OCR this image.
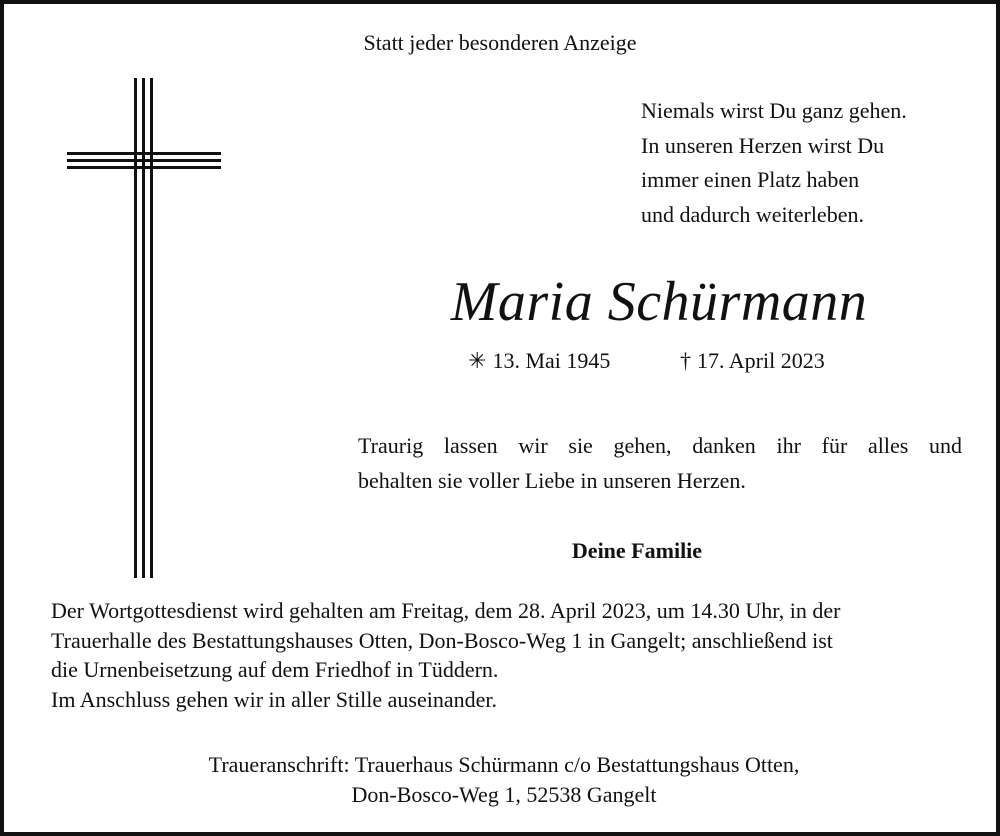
Statt jeder besonderen Anzeige
Niemals wirst Du ganz gehen.
In unseren Herzen wirst Du
immer einen Platz haben
und dadurch weiterleben.
Maria Schürmann
✳ 13. Mai 1945	† 17. April 2023

Traurig lassen wir sie gehen, danken ihr für alles und

behalten sie voller Liebe in unseren Herzen.

Deine Familie

Der Wortgottesdienst wird gehalten am Freitag, dem 28. April 2023, um 14.30 Uhr, in der

Trauerhalle des Bestattungshauses Otten, Don-Bosco-Weg 1 in Gangelt; anschließend ist

die Urnenbeisetzung auf dem Friedhof in Tüddern.

Im Anschluss gehen wir in aller Stille auseinander.

Traueranschrift: Trauerhaus Schürmann c/o Bestattungshaus Otten,

Don-Bosco-Weg 1, 52538 Gangelt
